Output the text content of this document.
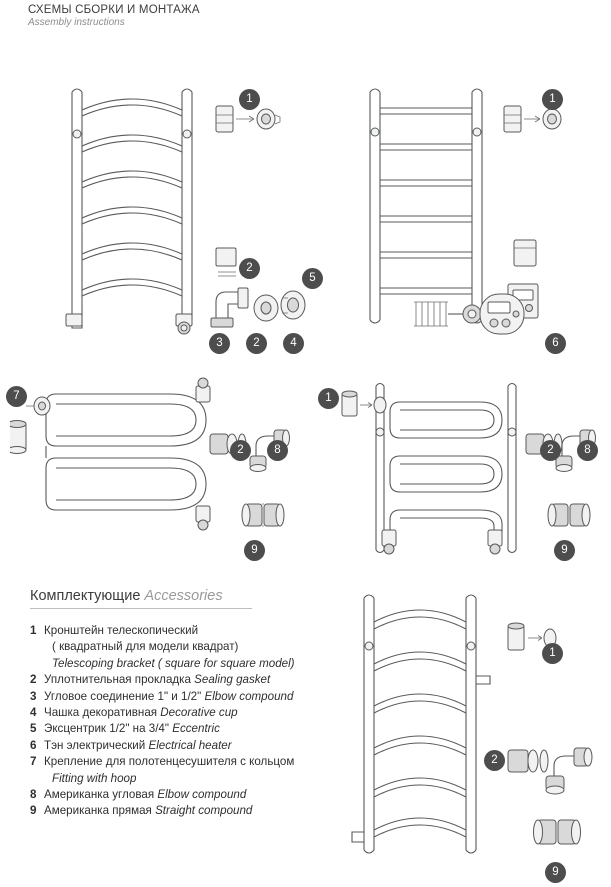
СХЕМЫ СБОРКИ И МОНТАЖА
Assembly instructions
1
2
3	2	4
5
1
6
7
2	8
9
1
2	8
9
1
2
9
Комплектующие Accessories
1 Кронштейн телескопический
( квадратный для модели квадрат)
Telescoping bracket ( square for square model)
2 Уплотнительная прокладка Sealing gasket
3 Угловое соединение 1" и 1/2" Elbow compound
4 Чашка декоративная Decorative cup
5 Эксцентрик 1/2" на 3/4" Eccentric
6 Тэн электрический Electrical heater
7 Крепление для полотенцесушителя с кольцом
Fitting with hoop
8 Американка угловая Elbow compound
9 Американка прямая Straight compound
